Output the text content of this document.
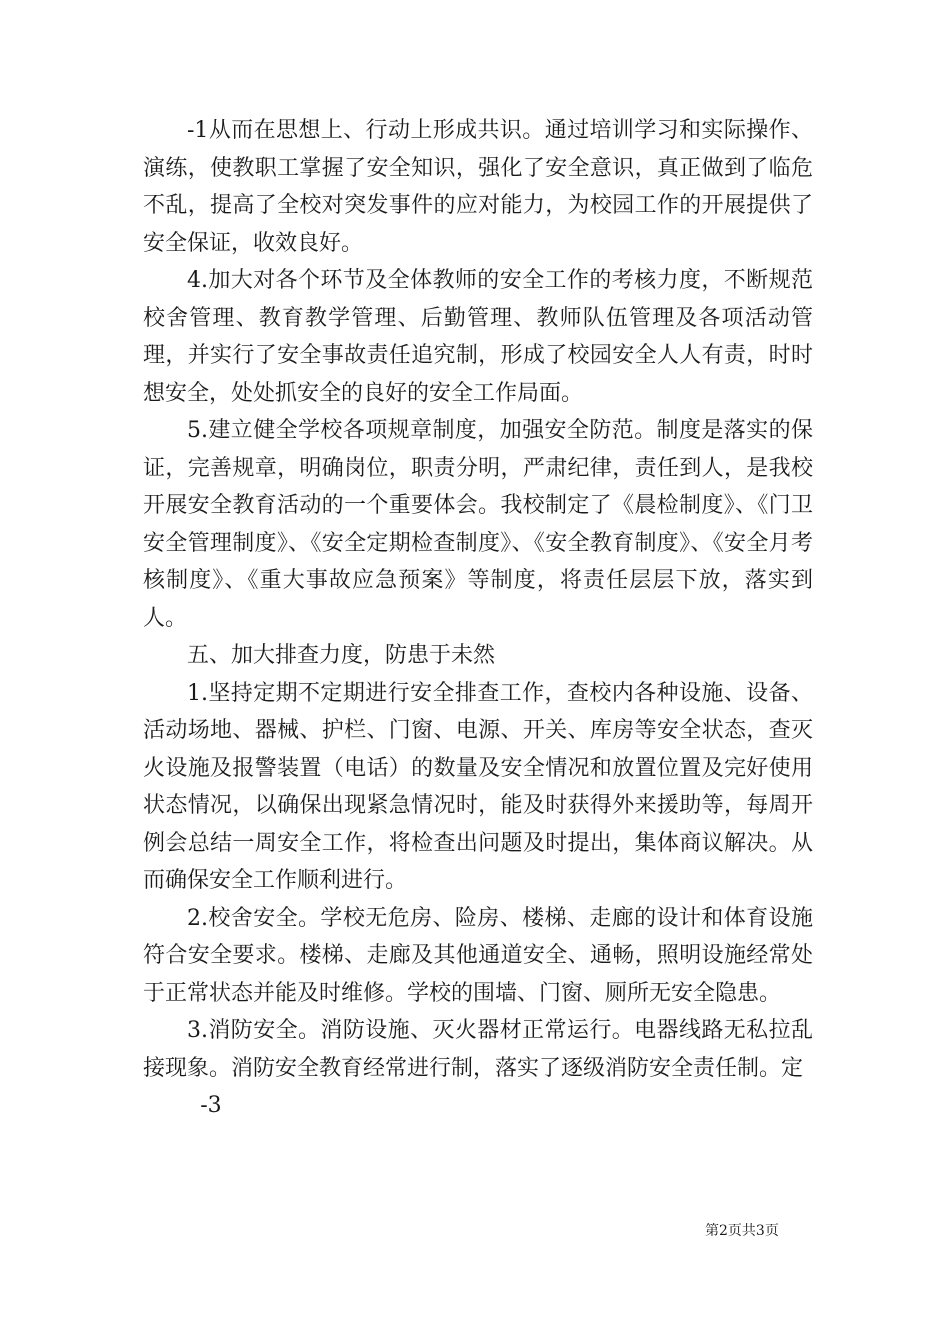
-1从而在思想上、行动上形成共识。通过培训学习和实际操作、演练，使教职工掌握了安全知识，强化了安全意识，真正做到了临危不乱，提高了全校对突发事件的应对能力，为校园工作的开展提供了安全保证，收效良好。

4.加大对各个环节及全体教师的安全工作的考核力度，不断规范校舍管理、教育教学管理、后勤管理、教师队伍管理及各项活动管理，并实行了安全事故责任追究制，形成了校园安全人人有责，时时想安全，处处抓安全的良好的安全工作局面。

5.建立健全学校各项规章制度，加强安全防范。制度是落实的保证，完善规章，明确岗位，职责分明，严肃纪律，责任到人，是我校开展安全教育活动的一个重要体会。我校制定了《晨检制度》、《门卫安全管理制度》、《安全定期检查制度》、《安全教育制度》、《安全月考核制度》、《重大事故应急预案》等制度，将责任层层下放，落实到人。

五、加大排查力度，防患于未然

1.坚持定期不定期进行安全排查工作，查校内各种设施、设备、活动场地、器械、护栏、门窗、电源、开关、库房等安全状态，查灭火设施及报警装置（电话）的数量及安全情况和放置位置及完好使用状态情况，以确保出现紧急情况时，能及时获得外来援助等，每周开例会总结一周安全工作，将检查出问题及时提出，集体商议解决。从而确保安全工作顺利进行。

2.校舍安全。学校无危房、险房、楼梯、走廊的设计和体育设施符合安全要求。楼梯、走廊及其他通道安全、通畅，照明设施经常处于正常状态并能及时维修。学校的围墙、门窗、厕所无安全隐患。

3.消防安全。消防设施、灭火器材正常运行。电器线路无私拉乱接现象。消防安全教育经常进行制，落实了逐级消防安全责任制。定

-3

第2页共3页
